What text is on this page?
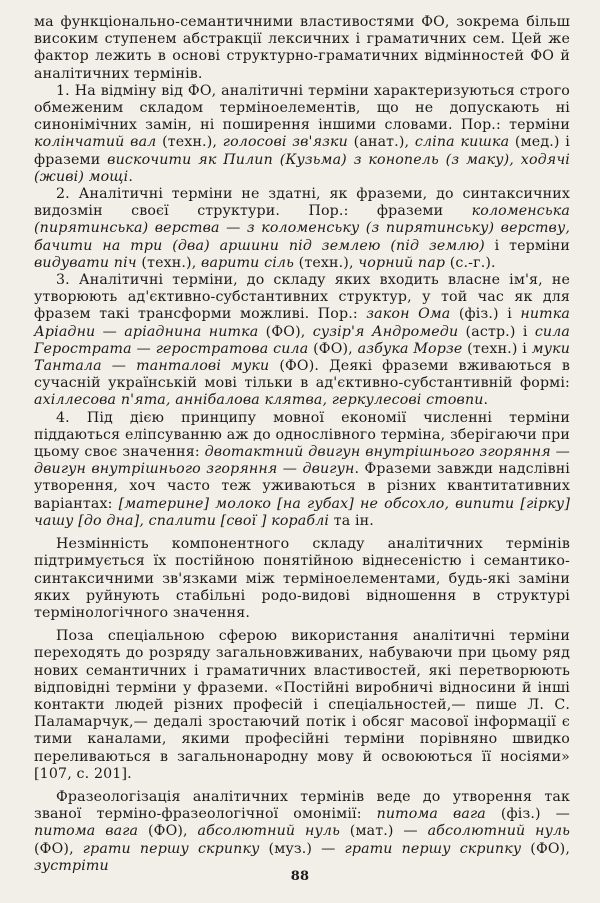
ма функціонально-семантичними властивостями ФО, зокрема більш високим ступенем абстракції лексичних і граматичних сем. Цей же фактор лежить в основі структурно-граматичних відмінностей ФО й аналітичних термінів.

1. На відміну від ФО, аналітичні терміни характеризуються строго обмеженим складом терміноелементів, що не допускають ні синонімічних замін, ні поширення іншими словами. Пор.: терміни колінчатий вал (техн.), голосові зв'язки (анат.), сліпа кишка (мед.) і фраземи вискочити як Пилип (Кузьма) з конопель (з маку), ходячі (живі) мощі.

2. Аналітичні терміни не здатні, як фраземи, до синтаксичних видозмін своєї структури. Пор.: фраземи коломенська (пирятинська) верства — з коломенську (з пирятинську) верству, бачити на три (два) аршини під землею (під землю) і терміни видувати піч (техн.), варити сіль (техн.), чорний пар (с.-г.).

3. Аналітичні терміни, до складу яких входить власне ім'я, не утворюють ад'єктивно-субстантивних структур, у той час як для фразем такі трансформи можливі. Пор.: закон Ома (фіз.) і нитка Аріадни — аріаднина нитка (ФО), сузір'я Андромеди (астр.) і сила Герострата — геростратова сила (ФО), азбука Морзе (техн.) і муки Тантала — танталові муки (ФО). Деякі фраземи вживаються в сучасній українській мові тільки в ад'єктивно-субстантивній формі: ахіллесова п'ята, аннібалова клятва, геркулесові стовпи.

4. Під дією принципу мовної економії численні терміни піддаються еліпсуванню аж до однослівного терміна, зберігаючи при цьому своє значення: двотактний двигун внутрішнього згоряння — двигун внутрішнього згоряння — двигун. Фраземи завжди надслівні утворення, хоч часто теж уживаються в різних квантитативних варіантах: [материне] молоко [на губах] не обсохло, випити [гірку] чашу [до дна], спалити [свої ] кораблі та ін.

Незмінність компонентного складу аналітичних термінів підтримується їх постійною понятійною віднесеністю і семантико-синтаксичними зв'язками між терміноелементами, будь-які заміни яких руйнують стабільні родо-видові відношення в структурі термінологічного значення.

Поза спеціальною сферою використання аналітичні терміни переходять до розряду загальновживаних, набуваючи при цьому ряд нових семантичних і граматичних властивостей, які перетворюють відповідні терміни у фраземи. «Постійні виробничі відносини й інші контакти людей різних професій і спеціальностей,— пише Л. С. Паламарчук,— дедалі зростаючий потік і обсяг масової інформації є тими каналами, якими професійні терміни порівняно швидко переливаються в загальнонародну мову й освоюються її носіями» [107, с. 201].

Фразеологізація аналітичних термінів веде до утворення так званої терміно-фразеологічної омонімії: питома вага (фіз.) — питома вага (ФО), абсолютний нуль (мат.) — абсолютний нуль (ФО), грати першу скрипку (муз.) — грати першу скрипку (ФО), зустріти

88
